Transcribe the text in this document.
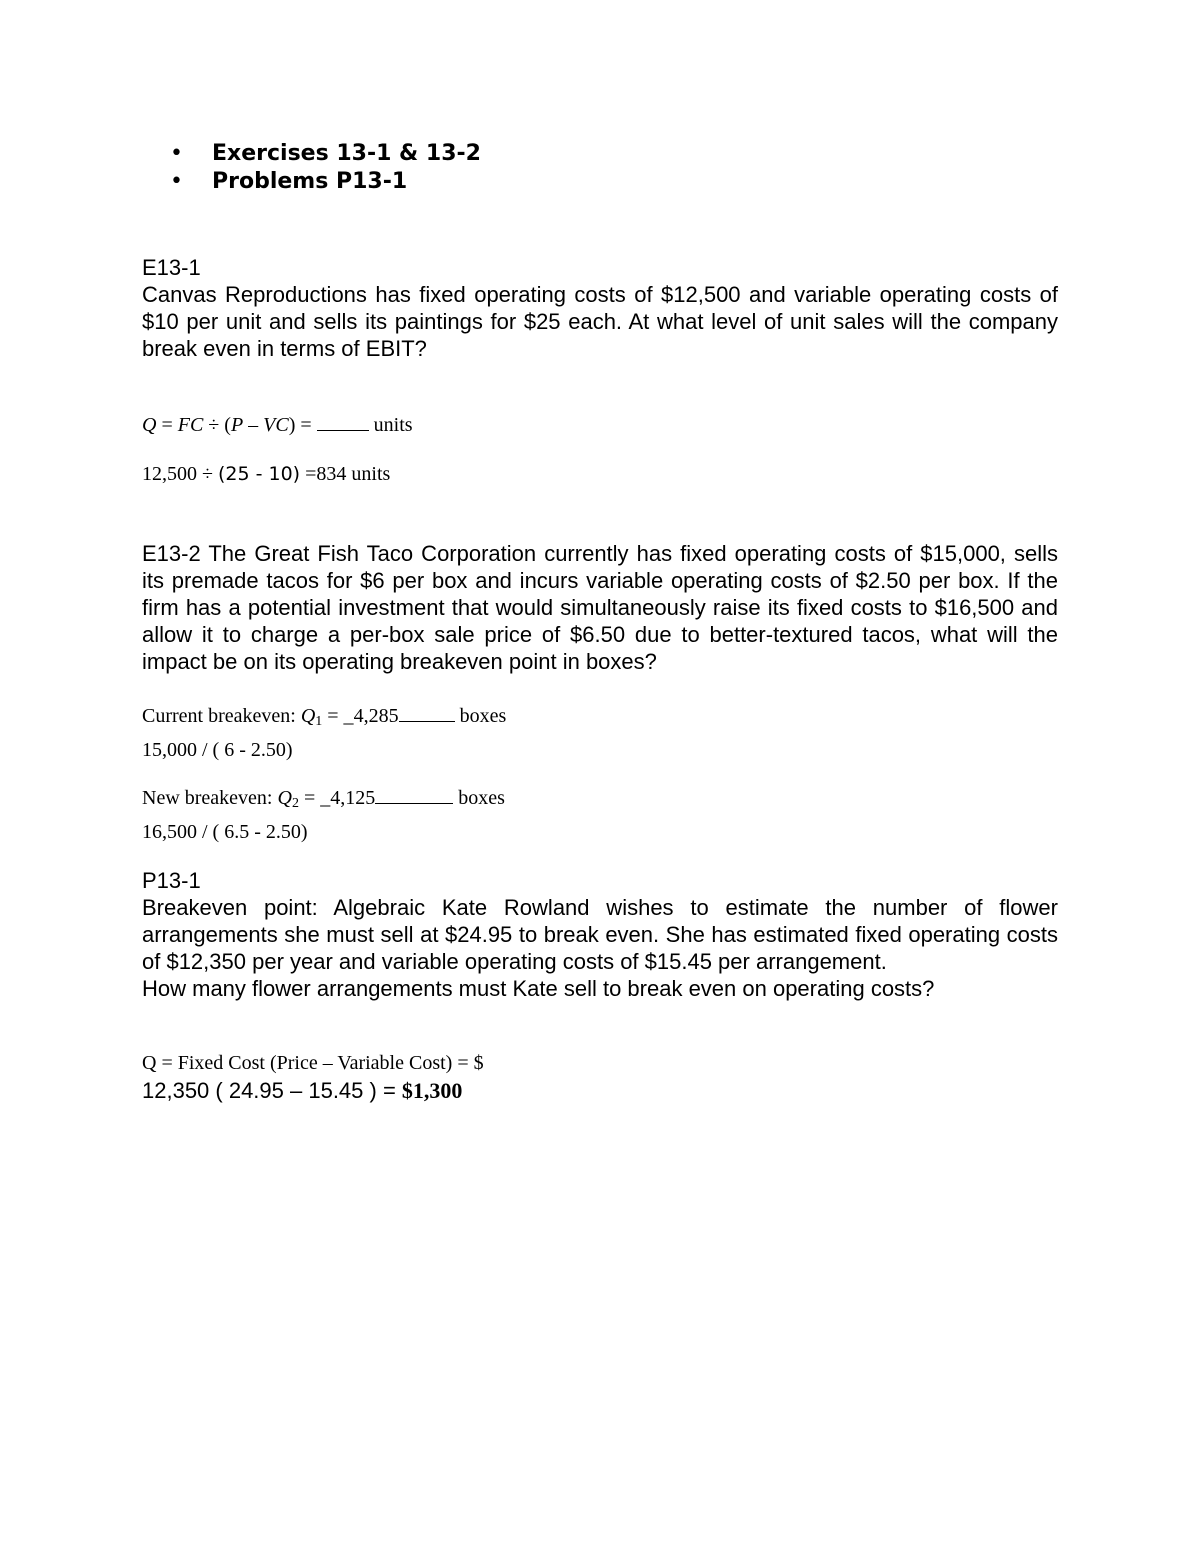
• Exercises 13-1 & 13-2
• Problems P13-1
E13-1
Canvas Reproductions has fixed operating costs of $12,500 and variable operating costs of $10 per unit and sells its paintings for $25 each. At what level of unit sales will the company break even in terms of EBIT?
Q = FC ÷ (P – VC) =	units
12,500 ÷ (25 - 10) =834 units
E13-2 The Great Fish Taco Corporation currently has fixed operating costs of $15,000, sells its premade tacos for $6 per box and incurs variable operating costs of $2.50 per box. If the firm has a potential investment that would simultaneously raise its fixed costs to $16,500 and allow it to charge a per-box sale price of $6.50 due to better-textured tacos, what will the impact be on its operating breakeven point in boxes?
Current breakeven: $Q_1$ = _4,285	boxes
15,000 / ( 6 - 2.50)
New breakeven: $Q_2$ = _4,125	boxes
16,500 / ( 6.5 - 2.50)
P13-1
Breakeven point: Algebraic Kate Rowland wishes to estimate the number of flower arrangements she must sell at $24.95 to break even. She has estimated fixed operating costs of $12,350 per year and variable operating costs of $15.45 per arrangement.
How many flower arrangements must Kate sell to break even on operating costs?
Q = Fixed Cost (Price – Variable Cost) = $
12,350 ( 24.95 – 15.45 ) = $1,300
